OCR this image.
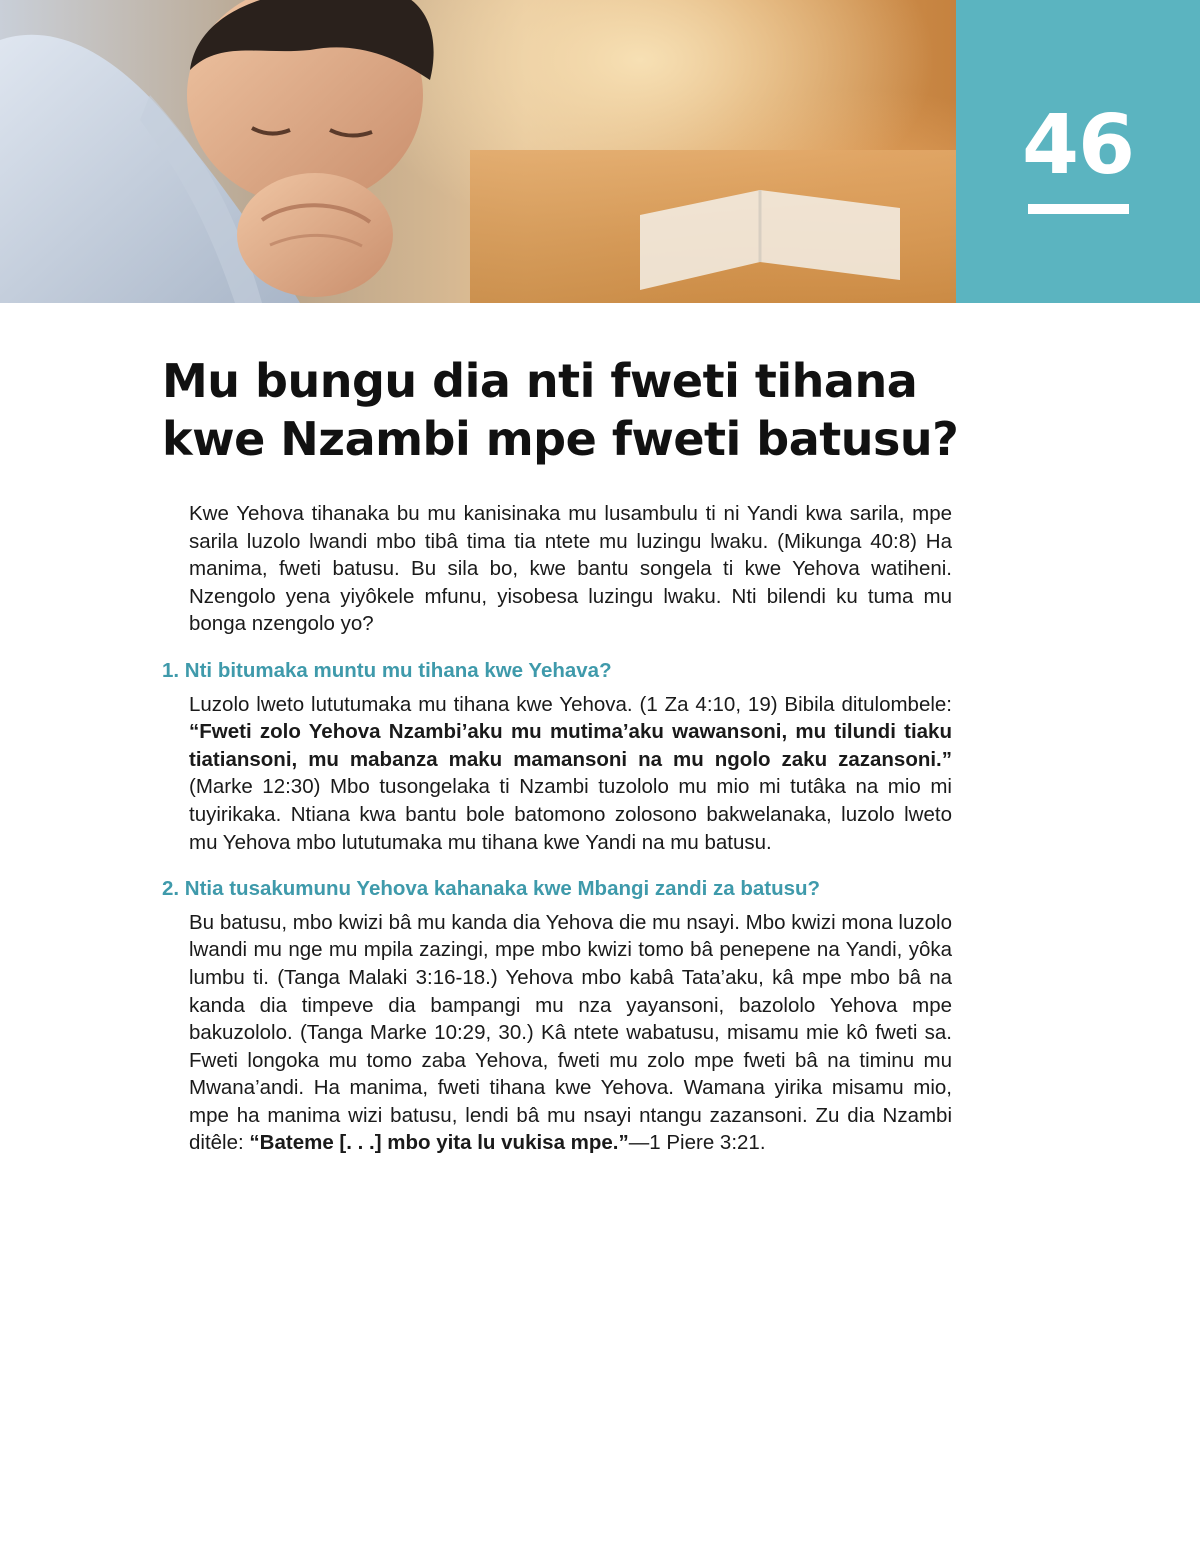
46
Mu bungu dia nti fweti tihana
kwe Nzambi mpe fweti batusu?

Kwe Yehova tihanaka bu mu kanisinaka mu lusambulu ti ni Yandi kwa sarila, mpe sarila luzolo lwandi mbo tibâ tima tia ntete mu luzingu lwaku. (Mikunga 40:8) Ha manima, fweti batusu. Bu sila bo, kwe bantu songela ti kwe Yehova watiheni. Nzengolo yena yiyôkele mfunu, yisobesa luzingu lwaku. Nti bilendi ku tuma mu bonga nzengolo yo?

1. Nti bitumaka muntu mu tihana kwe Yehava?

Luzolo lweto lututumaka mu tihana kwe Yehova. (1 Za 4:10, 19) Bibila ditulombele: “Fweti zolo Yehova Nzambi’aku mu mutima’aku wawansoni, mu tilundi tiaku tiatiansoni, mu mabanza maku mamansoni na mu ngolo zaku zazansoni.” (Marke 12:30) Mbo tusongelaka ti Nzambi tuzololo mu mio mi tutâka na mio mi tuyirikaka. Ntiana kwa bantu bole batomono zolosono bakwelanaka, luzolo lweto mu Yehova mbo lututumaka mu tihana kwe Yandi na mu batusu.

2. Ntia tusakumunu Yehova kahanaka kwe Mbangi zandi za batusu?

Bu batusu, mbo kwizi bâ mu kanda dia Yehova die mu nsayi. Mbo kwizi mona luzolo lwandi mu nge mu mpila zazingi, mpe mbo kwizi tomo bâ penepene na Yandi, yôka lumbu ti. (Tanga Malaki 3:16-18.) Yehova mbo kabâ Tata’aku, kâ mpe mbo bâ na kanda dia timpeve dia bampangi mu nza yayansoni, bazololo Yehova mpe bakuzololo. (Tanga Marke 10:29, 30.) Kâ ntete wabatusu, misamu mie kô fweti sa. Fweti longoka mu tomo zaba Yehova, fweti mu zolo mpe fweti bâ na timinu mu Mwana’andi. Ha manima, fweti tihana kwe Yehova. Wamana yirika misamu mio, mpe ha manima wizi batusu, lendi bâ mu nsayi ntangu zazansoni. Zu dia Nzambi ditêle: “Bateme [. . .] mbo yita lu vukisa mpe.”—1 Piere 3:21.
